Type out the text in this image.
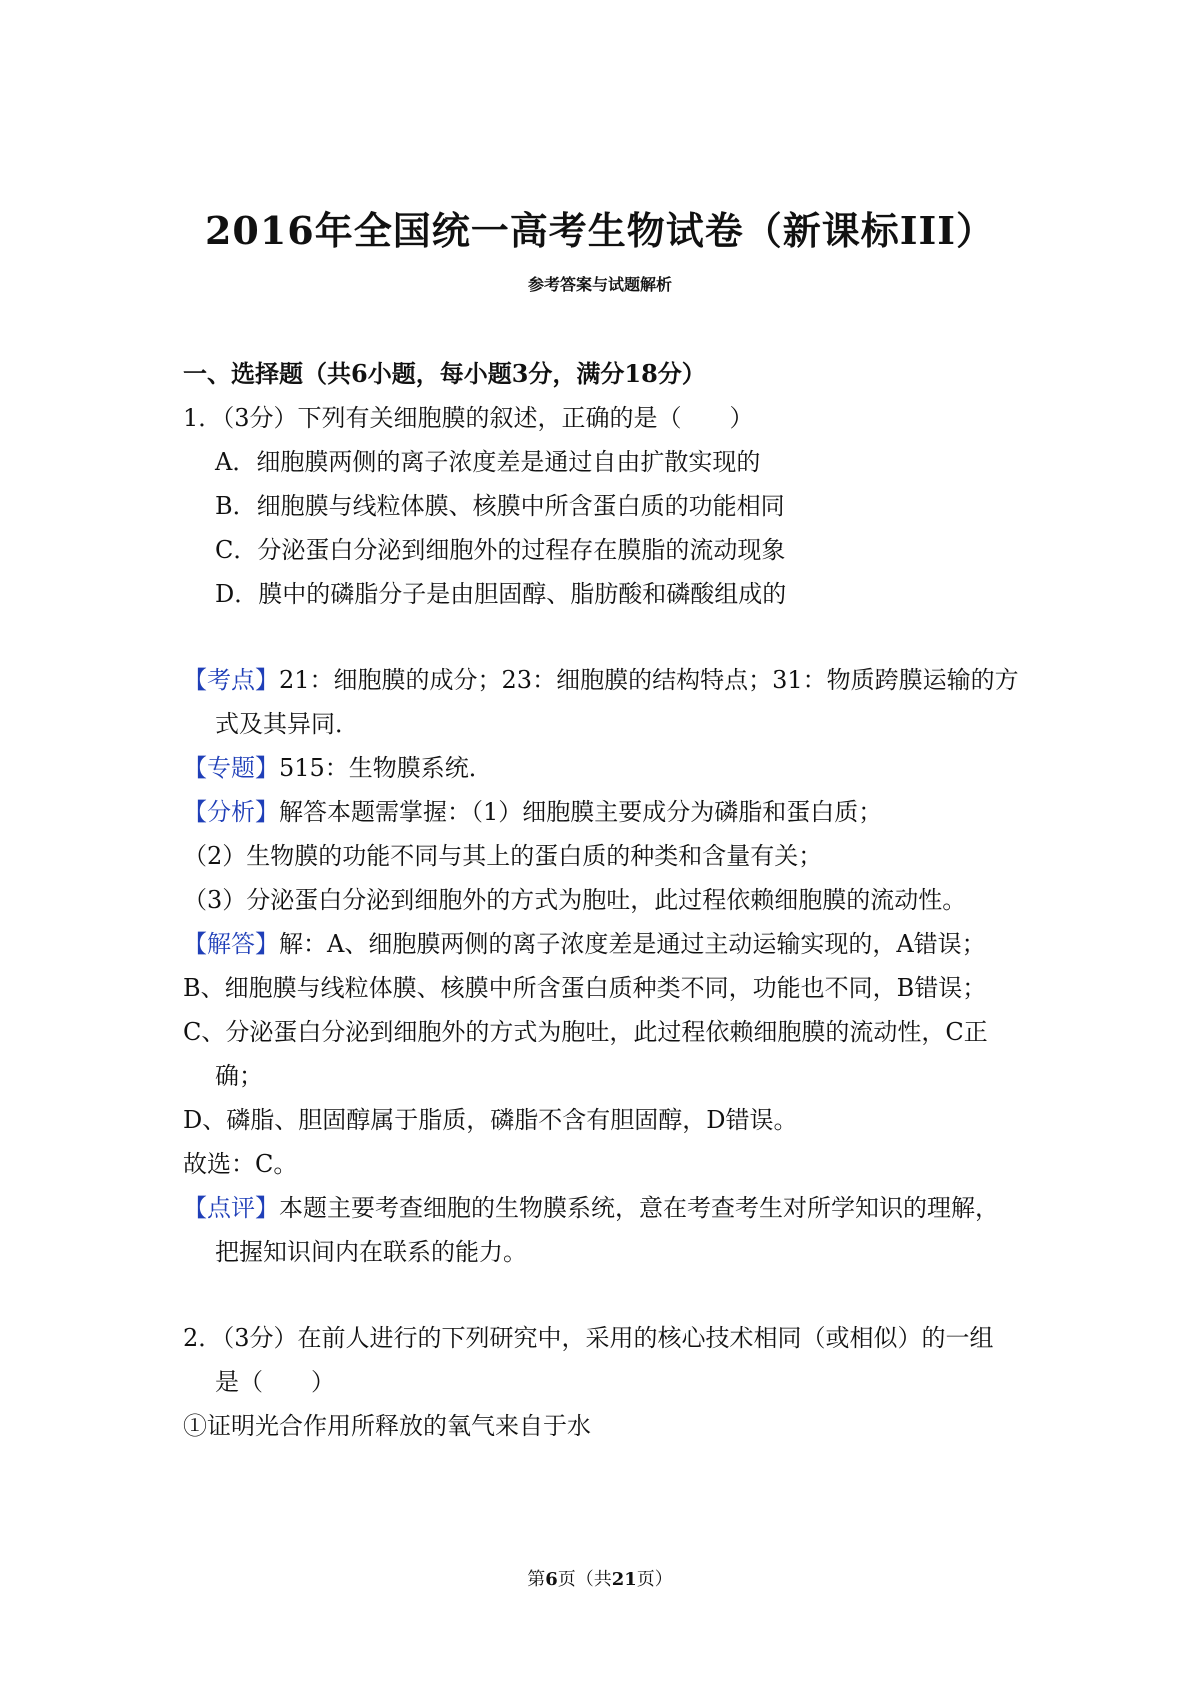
2016年全国统一高考生物试卷（新课标III）
参考答案与试题解析
一、选择题（共6小题，每小题3分，满分18分）
1．（3分）下列有关细胞膜的叙述，正确的是（　　）
A．细胞膜两侧的离子浓度差是通过自由扩散实现的
B．细胞膜与线粒体膜、核膜中所含蛋白质的功能相同
C．分泌蛋白分泌到细胞外的过程存在膜脂的流动现象
D．膜中的磷脂分子是由胆固醇、脂肪酸和磷酸组成的
【考点】21：细胞膜的成分；23：细胞膜的结构特点；31：物质跨膜运输的方
式及其异同．
【专题】515：生物膜系统．
【分析】解答本题需掌握：（1）细胞膜主要成分为磷脂和蛋白质；
（2）生物膜的功能不同与其上的蛋白质的种类和含量有关；
（3）分泌蛋白分泌到细胞外的方式为胞吐，此过程依赖细胞膜的流动性。
【解答】解：A、细胞膜两侧的离子浓度差是通过主动运输实现的，A错误；
B、细胞膜与线粒体膜、核膜中所含蛋白质种类不同，功能也不同，B错误；
C、分泌蛋白分泌到细胞外的方式为胞吐，此过程依赖细胞膜的流动性，C正
确；
D、磷脂、胆固醇属于脂质，磷脂不含有胆固醇，D错误。
故选：C。
【点评】本题主要考查细胞的生物膜系统，意在考查考生对所学知识的理解，
把握知识间内在联系的能力。
2．（3分）在前人进行的下列研究中，采用的核心技术相同（或相似）的一组
是（　　）
①证明光合作用所释放的氧气来自于水
第6页（共21页）
